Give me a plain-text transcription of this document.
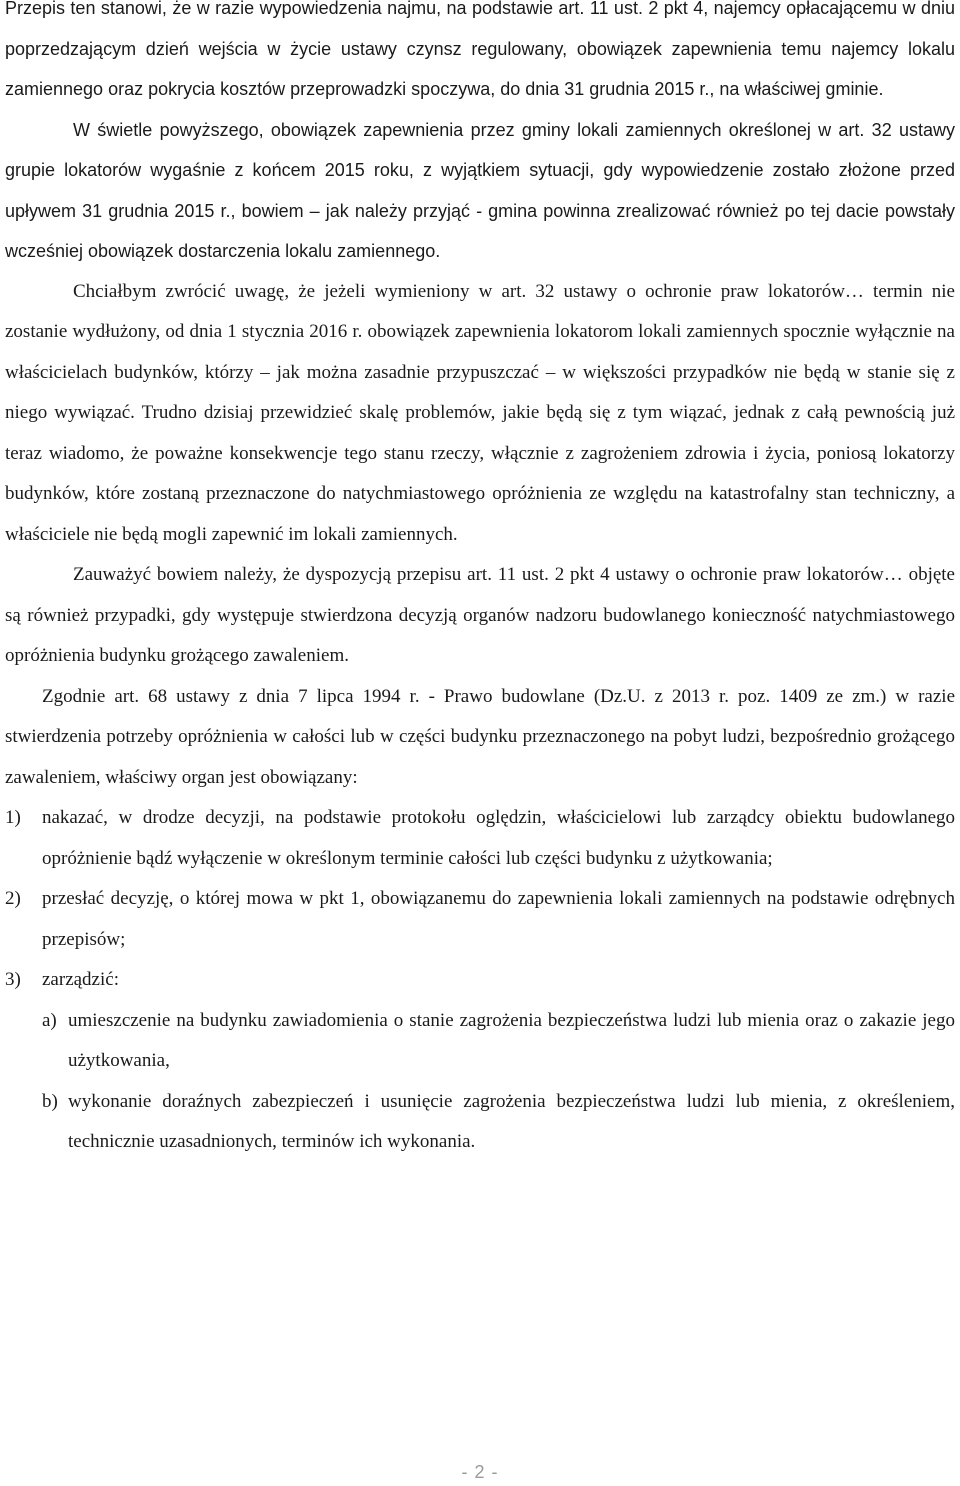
Przepis ten stanowi, że w razie wypowiedzenia najmu, na podstawie art. 11 ust. 2 pkt 4, najemcy opłacającemu w dniu poprzedzającym dzień wejścia w życie ustawy czynsz regulowany, obowiązek zapewnienia temu najemcy lokalu zamiennego oraz pokrycia kosztów przeprowadzki spoczywa, do dnia 31 grudnia 2015 r., na właściwej gminie.

W świetle powyższego, obowiązek zapewnienia przez gminy lokali zamiennych określonej w art. 32 ustawy grupie lokatorów wygaśnie z końcem 2015 roku, z wyjątkiem sytuacji, gdy wypowiedzenie zostało złożone przed upływem 31 grudnia 2015 r., bowiem – jak należy przyjąć - gmina powinna zrealizować również po tej dacie powstały wcześniej obowiązek dostarczenia lokalu zamiennego.

Chciałbym zwrócić uwagę, że jeżeli wymieniony w art. 32 ustawy o ochronie praw lokatorów… termin nie zostanie wydłużony, od dnia 1 stycznia 2016 r. obowiązek zapewnienia lokatorom lokali zamiennych spocznie wyłącznie na właścicielach budynków, którzy – jak można zasadnie przypuszczać – w większości przypadków nie będą w stanie się z niego wywiązać. Trudno dzisiaj przewidzieć skalę problemów, jakie będą się z tym wiązać, jednak z całą pewnością już teraz wiadomo, że poważne konsekwencje tego stanu rzeczy, włącznie z zagrożeniem zdrowia i życia, poniosą lokatorzy budynków, które zostaną przeznaczone do natychmiastowego opróżnienia ze względu na katastrofalny stan techniczny, a właściciele nie będą mogli zapewnić im lokali zamiennych.

Zauważyć bowiem należy, że dyspozycją przepisu art. 11 ust. 2 pkt 4 ustawy o ochronie praw lokatorów… objęte są również przypadki, gdy występuje stwierdzona decyzją organów nadzoru budowlanego konieczność natychmiastowego opróżnienia budynku grożącego zawaleniem.

Zgodnie art. 68 ustawy z dnia 7 lipca 1994 r. - Prawo budowlane (Dz.U. z 2013 r. poz. 1409 ze zm.) w razie stwierdzenia potrzeby opróżnienia w całości lub w części budynku przeznaczonego na pobyt ludzi, bezpośrednio grożącego zawaleniem, właściwy organ jest obowiązany:

1) nakazać, w drodze decyzji, na podstawie protokołu oględzin, właścicielowi lub zarządcy obiektu budowlanego opróżnienie bądź wyłączenie w określonym terminie całości lub części budynku z użytkowania;

2) przesłać decyzję, o której mowa w pkt 1, obowiązanemu do zapewnienia lokali zamiennych na podstawie odrębnych przepisów;

3) zarządzić:

a) umieszczenie na budynku zawiadomienia o stanie zagrożenia bezpieczeństwa ludzi lub mienia oraz o zakazie jego użytkowania,

b) wykonanie doraźnych zabezpieczeń i usunięcie zagrożenia bezpieczeństwa ludzi lub mienia, z określeniem, technicznie uzasadnionych, terminów ich wykonania.

- 2 -
